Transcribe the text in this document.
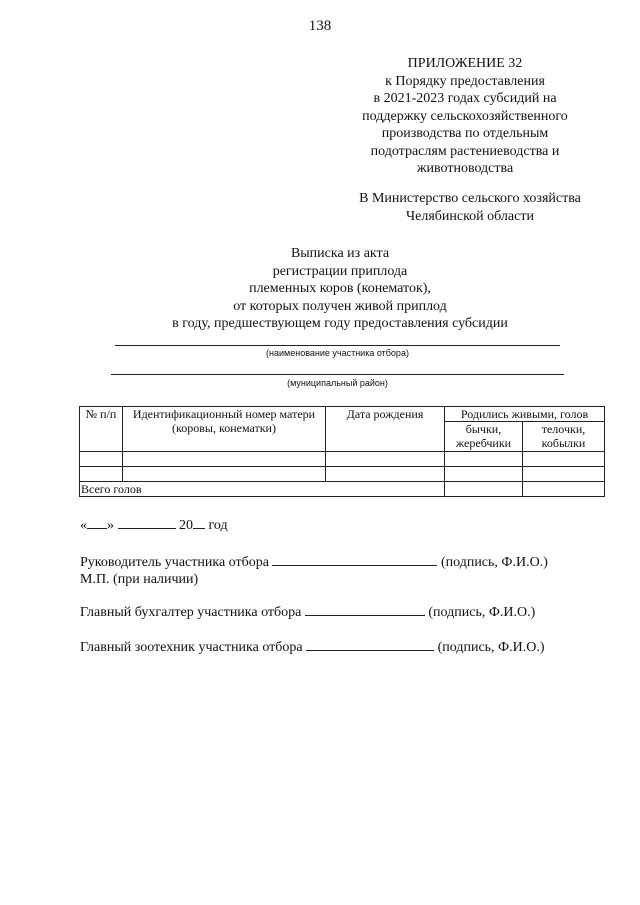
138
ПРИЛОЖЕНИЕ 32
к Порядку предоставления
в 2021-2023 годах субсидий на
поддержку сельскохозяйственного
производства по отдельным
подотраслям растениеводства и
животноводства
В Министерство сельского хозяйства
Челябинской области
Выписка из акта
регистрации приплода
племенных коров (конематок),
от которых получен живой приплод
в году, предшествующем году предоставления субсидии
(наименование участника отбора)
(муниципальный район)
№ п/п	Идентификационный номер матери (коровы, конематки)	Дата рождения	Родились живыми, голов	
			бычки, жеребчики	телочки, кобылки

Всего голов				
« »	20 год
Руководитель участника отбора	(подпись, Ф.И.О.)
М.П. (при наличии)
Главный бухгалтер участника отбора	(подпись, Ф.И.О.)
Главный зоотехник участника отбора	(подпись, Ф.И.О.)
